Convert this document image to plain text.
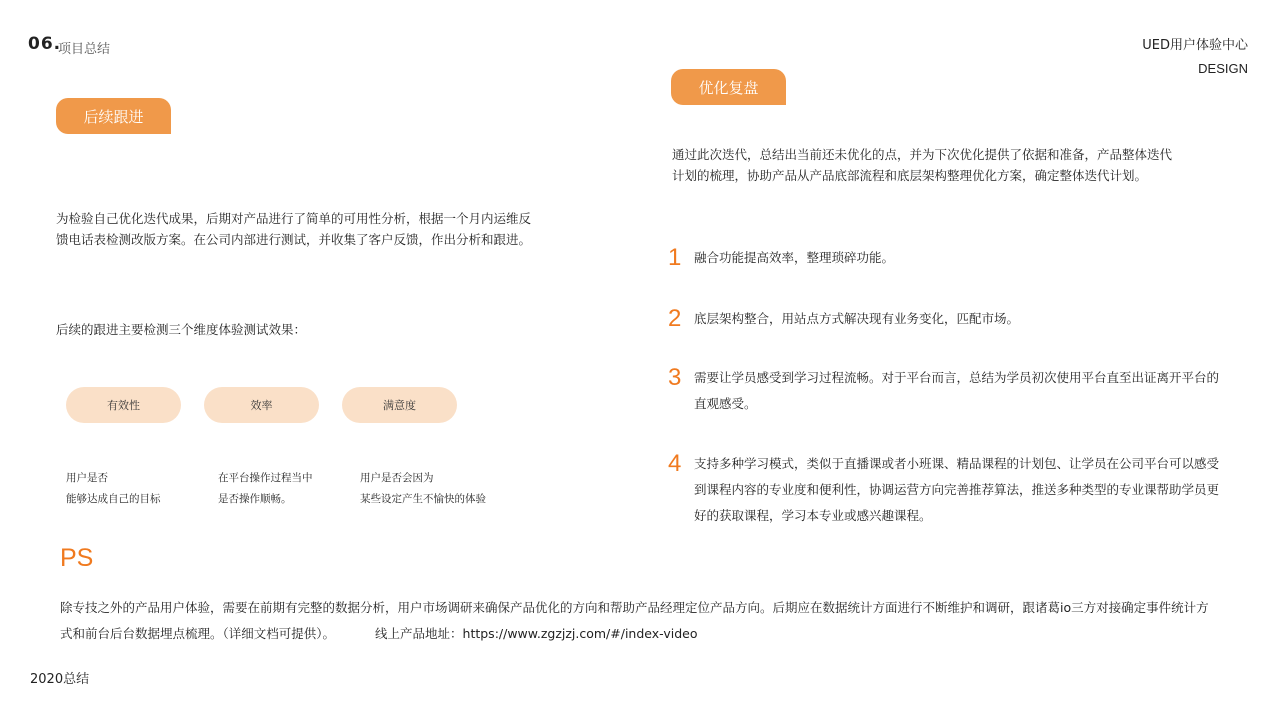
06.
项目总结	UED用户体验中心
DESIGN
后续跟进
为检验自己优化迭代成果，后期对产品进行了简单的可用性分析，根据一个月内运维反馈电话表检测改版方案。在公司内部进行测试，并收集了客户反馈，作出分析和跟进。
后续的跟进主要检测三个维度体验测试效果：
有效性	效率	满意度
用户是否
能够达成自己的目标
在平台操作过程当中
是否操作顺畅。
用户是否会因为
某些设定产生不愉快的体验
优化复盘
通过此次迭代，总结出当前还未优化的点，并为下次优化提供了依据和准备，产品整体迭代计划的梳理，协助产品从产品底部流程和底层架构整理优化方案，确定整体迭代计划。
1	融合功能提高效率，整理琐碎功能。
2	底层架构整合，用站点方式解决现有业务变化，匹配市场。
3	需要让学员感受到学习过程流畅。对于平台而言，总结为学员初次使用平台直至出证离开平台的直观感受。
4	支持多种学习模式，类似于直播课或者小班课、精品课程的计划包、让学员在公司平台可以感受到课程内容的专业度和便利性，协调运营方向完善推荐算法，推送多种类型的专业课帮助学员更好的获取课程，学习本专业或感兴趣课程。
PS
除专技之外的产品用户体验，需要在前期有完整的数据分析，用户市场调研来确保产品优化的方向和帮助产品经理定位产品方向。后期应在数据统计方面进行不断维护和调研，跟诸葛io三方对接确定事件统计方式和前台后台数据埋点梳理。（详细文档可提供）。	线上产品地址：https://www.zgzjzj.com/#/index-video
2020总结
